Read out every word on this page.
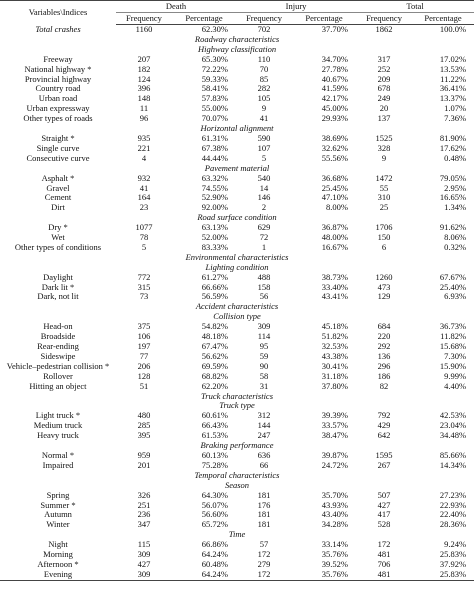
Variables\Indices	Death		Injury		Total	
	Frequency	Percentage	Frequency	Percentage	Frequency	Percentage
Total crashes	1160	62.30%	702	37.70%	1862	100.0%
Roadway characteristics						
Highway classification						
Freeway	207	65.30%	110	34.70%	317	17.02%
National highway *	182	72.22%	70	27.78%	252	13.53%
Provincial highway	124	59.33%	85	40.67%	209	11.22%
Country road	396	58.41%	282	41.59%	678	36.41%
Urban road	148	57.83%	105	42.17%	249	13.37%
Urban expressway	11	55.00%	9	45.00%	20	1.07%
Other types of roads	96	70.07%	41	29.93%	137	7.36%
Horizontal alignment						
Straight *	935	61.31%	590	38.69%	1525	81.90%
Single curve	221	67.38%	107	32.62%	328	17.62%
Consecutive curve	4	44.44%	5	55.56%	9	0.48%
Pavement material						
Asphalt *	932	63.32%	540	36.68%	1472	79.05%
Gravel	41	74.55%	14	25.45%	55	2.95%
Cement	164	52.90%	146	47.10%	310	16.65%
Dirt	23	92.00%	2	8.00%	25	1.34%
Road surface condition						
Dry *	1077	63.13%	629	36.87%	1706	91.62%
Wet	78	52.00%	72	48.00%	150	8.06%
Other types of conditions	5	83.33%	1	16.67%	6	0.32%
Environmental characteristics						
Lighting condition						
Daylight	772	61.27%	488	38.73%	1260	67.67%
Dark lit *	315	66.66%	158	33.40%	473	25.40%
Dark, not lit	73	56.59%	56	43.41%	129	6.93%
Accident characteristics						
Collision type						
Head-on	375	54.82%	309	45.18%	684	36.73%
Broadside	106	48.18%	114	51.82%	220	11.82%
Rear-ending	197	67.47%	95	32.53%	292	15.68%
Sideswipe	77	56.62%	59	43.38%	136	7.30%
Vehicle–pedestrian collision *	206	69.59%	90	30.41%	296	15.90%
Rollover	128	68.82%	58	31.18%	186	9.99%
Hitting an object	51	62.20%	31	37.80%	82	4.40%
Truck characteristics						
Truck type						
Light truck *	480	60.61%	312	39.39%	792	42.53%
Medium truck	285	66.43%	144	33.57%	429	23.04%
Heavy truck	395	61.53%	247	38.47%	642	34.48%
Braking performance						
Normal *	959	60.13%	636	39.87%	1595	85.66%
Impaired	201	75.28%	66	24.72%	267	14.34%
Temporal characteristics						
Season						
Spring	326	64.30%	181	35.70%	507	27.23%
Summer *	251	56.07%	176	43.93%	427	22.93%
Autumn	236	56.60%	181	43.40%	417	22.40%
Winter	347	65.72%	181	34.28%	528	28.36%
Time						
Night	115	66.86%	57	33.14%	172	9.24%
Morning	309	64.24%	172	35.76%	481	25.83%
Afternoon *	427	60.48%	279	39.52%	706	37.92%
Evening	309	64.24%	172	35.76%	481	25.83%
